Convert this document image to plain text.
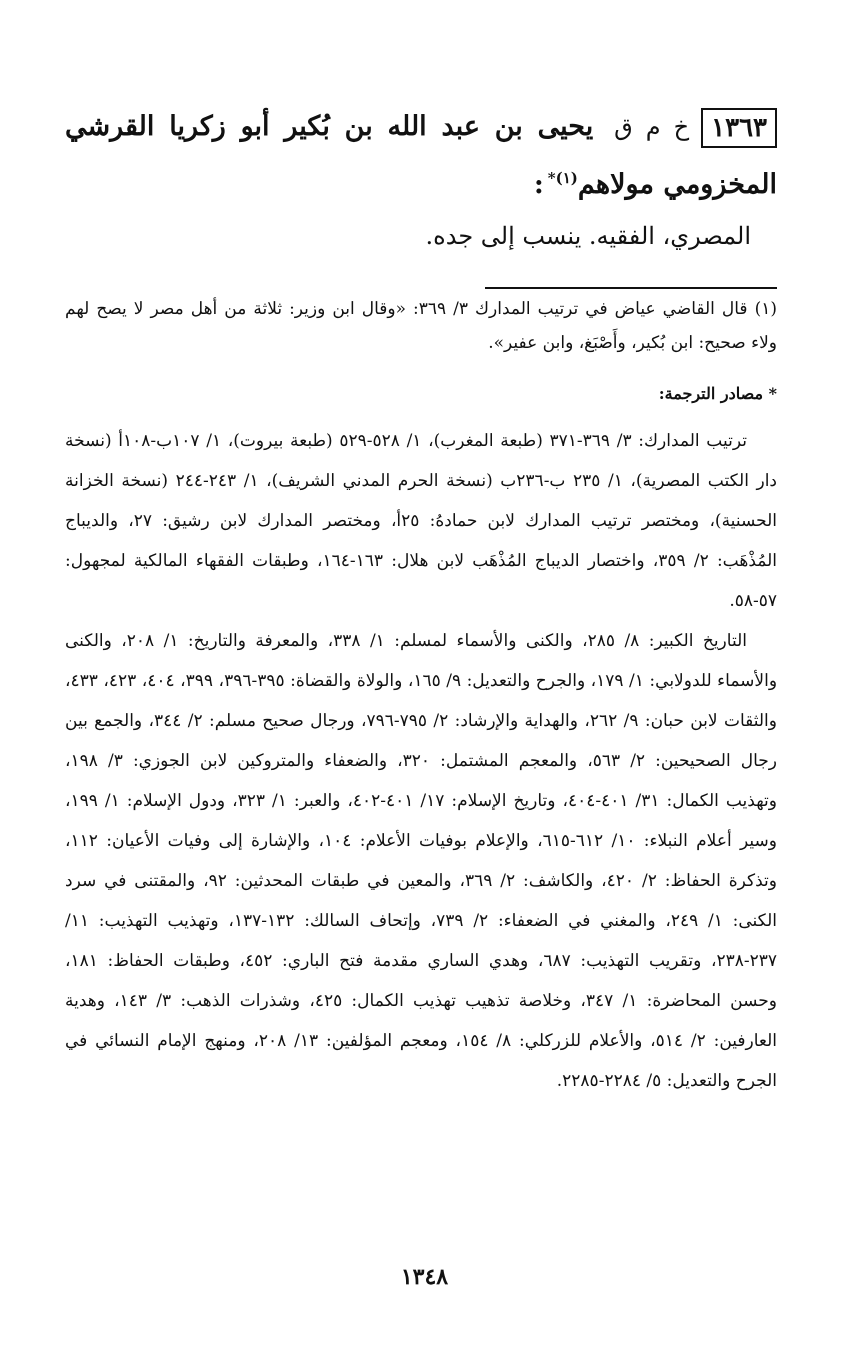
١٣٦٣خ م ق يحيى بن عبد الله بن بُكير أبو زكريا القرشي المخزومي مولاهم$^{(١)*}$:
المصري، الفقيه. ينسب إلى جده.
(١) قال القاضي عياض في ترتيب المدارك ٣/ ٣٦٩: «وقال ابن وزير: ثلاثة من أهل مصر لا يصح لهم ولاء صحيح: ابن بُكير، وأَصْبَغ، وابن عفير».
* مصادر الترجمة:

ترتيب المدارك: ٣/ ٣٦٩-٣٧١ (طبعة المغرب)، ١/ ٥٢٨-٥٢٩ (طبعة بيروت)، ١/ ١٠٧ب-١٠٨أ (نسخة دار الكتب المصرية)، ١/ ٢٣٥ ب-٢٣٦ب (نسخة الحرم المدني الشريف)، ١/ ٢٤٣-٢٤٤ (نسخة الخزانة الحسنية)، ومختصر ترتيب المدارك لابن حمادهُ: ٢٥أ، ومختصر المدارك لابن رشيق: ٢٧، والديباج المُذْهَب: ٢/ ٣٥٩، واختصار الديباج المُذْهَب لابن هلال: ١٦٣-١٦٤، وطبقات الفقهاء المالكية لمجهول: ٥٧-٥٨.

التاريخ الكبير: ٨/ ٢٨٥، والكنى والأسماء لمسلم: ١/ ٣٣٨، والمعرفة والتاريخ: ١/ ٢٠٨، والكنى والأسماء للدولابي: ١/ ١٧٩، والجرح والتعديل: ٩/ ١٦٥، والولاة والقضاة: ٣٩٥-٣٩٦، ٣٩٩، ٤٠٤، ٤٢٣، ٤٣٣، والثقات لابن حبان: ٩/ ٢٦٢، والهداية والإرشاد: ٢/ ٧٩٥-٧٩٦، ورجال صحيح مسلم: ٢/ ٣٤٤، والجمع بين رجال الصحيحين: ٢/ ٥٦٣، والمعجم المشتمل: ٣٢٠، والضعفاء والمتروكين لابن الجوزي: ٣/ ١٩٨، وتهذيب الكمال: ٣١/ ٤٠١-٤٠٤، وتاريخ الإسلام: ١٧/ ٤٠١-٤٠٢، والعبر: ١/ ٣٢٣، ودول الإسلام: ١/ ١٩٩، وسير أعلام النبلاء: ١٠/ ٦١٢-٦١٥، والإعلام بوفيات الأعلام: ١٠٤، والإشارة إلى وفيات الأعيان: ١١٢، وتذكرة الحفاظ: ٢/ ٤٢٠، والكاشف: ٢/ ٣٦٩، والمعين في طبقات المحدثين: ٩٢، والمقتنى في سرد الكنى: ١/ ٢٤٩، والمغني في الضعفاء: ٢/ ٧٣٩، وإتحاف السالك: ١٣٢-١٣٧، وتهذيب التهذيب: ١١/ ٢٣٧-٢٣٨، وتقريب التهذيب: ٦٨٧، وهدي الساري مقدمة فتح الباري: ٤٥٢، وطبقات الحفاظ: ١٨١، وحسن المحاضرة: ١/ ٣٤٧، وخلاصة تذهيب تهذيب الكمال: ٤٢٥، وشذرات الذهب: ٣/ ١٤٣، وهدية العارفين: ٢/ ٥١٤، والأعلام للزركلي: ٨/ ١٥٤، ومعجم المؤلفين: ١٣/ ٢٠٨، ومنهج الإمام النسائي في الجرح والتعديل: ٥/ ٢٢٨٤-٢٢٨٥.

١٣٤٨
